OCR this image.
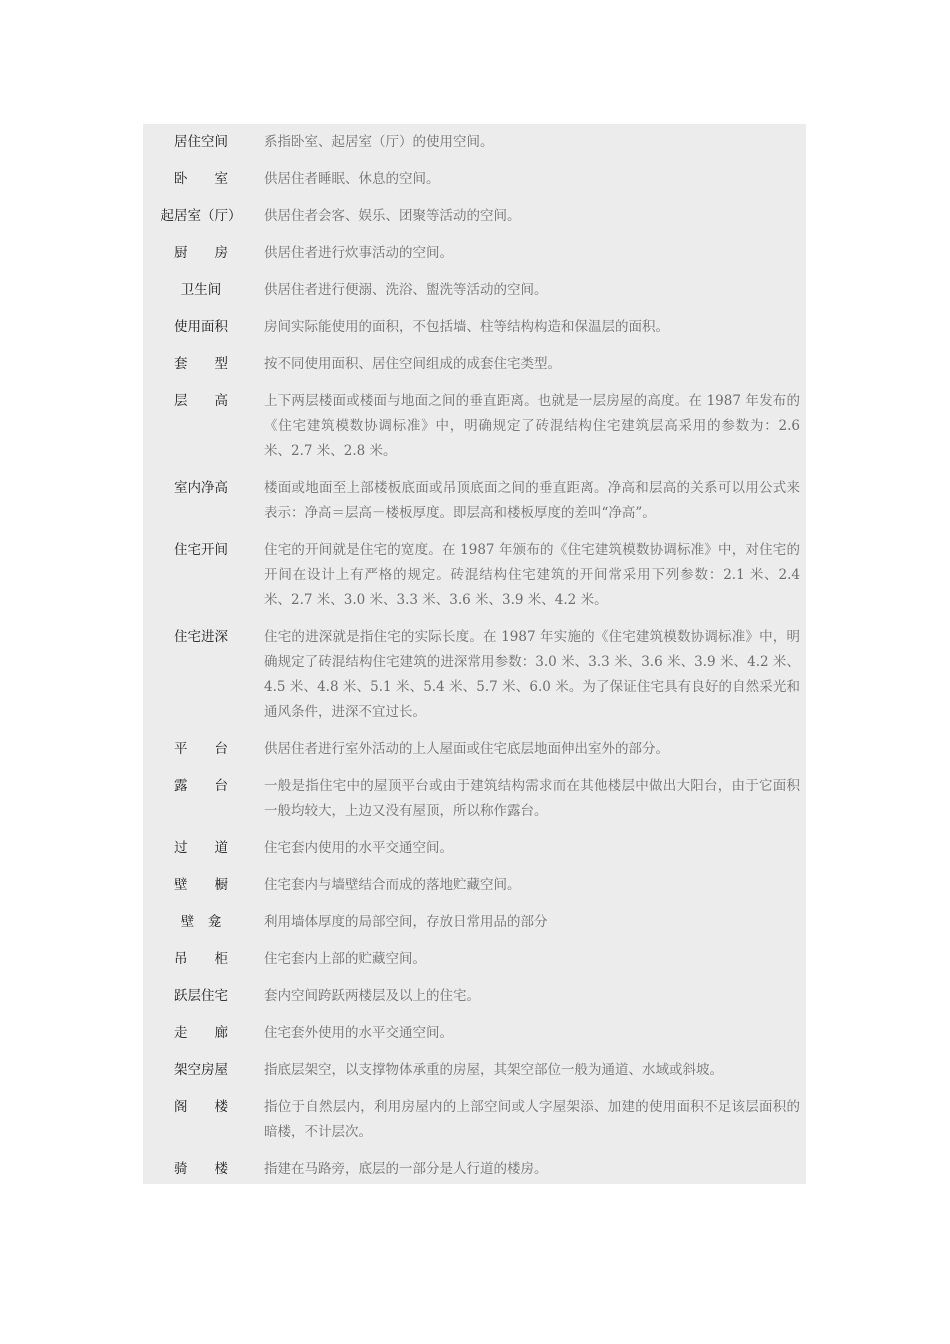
居住空间	系指卧室、起居室（厅）的使用空间。
卧　　室	供居住者睡眠、休息的空间。
起居室（厅）	供居住者会客、娱乐、团聚等活动的空间。
厨　　房	供居住者进行炊事活动的空间。
卫生间	供居住者进行便溺、洗浴、盥洗等活动的空间。
使用面积	房间实际能使用的面积，不包括墙、柱等结构构造和保温层的面积。
套　　型	按不同使用面积、居住空间组成的成套住宅类型。
层　　高	上下两层楼面或楼面与地面之间的垂直距离。也就是一层房屋的高度。在 1987 年发布的《住宅建筑模数协调标准》中，明确规定了砖混结构住宅建筑层高采用的参数为：2.6 米、2.7 米、2.8 米。
室内净高	楼面或地面至上部楼板底面或吊顶底面之间的垂直距离。净高和层高的关系可以用公式来表示：净高＝层高－楼板厚度。即层高和楼板厚度的差叫“净高”。
住宅开间	住宅的开间就是住宅的宽度。在 1987 年颁布的《住宅建筑模数协调标准》中，对住宅的开间在设计上有严格的规定。砖混结构住宅建筑的开间常采用下列参数：2.1 米、2.4 米、2.7 米、3.0 米、3.3 米、3.6 米、3.9 米、4.2 米。
住宅进深	住宅的进深就是指住宅的实际长度。在 1987 年实施的《住宅建筑模数协调标准》中，明确规定了砖混结构住宅建筑的进深常用参数：3.0 米、3.3 米、3.6 米、3.9 米、4.2 米、4.5 米、4.8 米、5.1 米、5.4 米、5.7 米、6.0 米。为了保证住宅具有良好的自然采光和通风条件，进深不宜过长。
平　　台	供居住者进行室外活动的上人屋面或住宅底层地面伸出室外的部分。
露　　台	一般是指住宅中的屋顶平台或由于建筑结构需求而在其他楼层中做出大阳台，由于它面积一般均较大，上边又没有屋顶，所以称作露台。
过　　道	住宅套内使用的水平交通空间。
壁　　橱	住宅套内与墙壁结合而成的落地贮藏空间。
壁　龛	利用墙体厚度的局部空间，存放日常用品的部分
吊　　柜	住宅套内上部的贮藏空间。
跃层住宅	套内空间跨跃两楼层及以上的住宅。
走　　廊	住宅套外使用的水平交通空间。
架空房屋	指底层架空，以支撑物体承重的房屋，其架空部位一般为通道、水域或斜坡。
阁　　楼	指位于自然层内，利用房屋内的上部空间或人字屋架添、加建的使用面积不足该层面积的暗楼，不计层次。
骑　　楼	指建在马路旁，底层的一部分是人行道的楼房。
